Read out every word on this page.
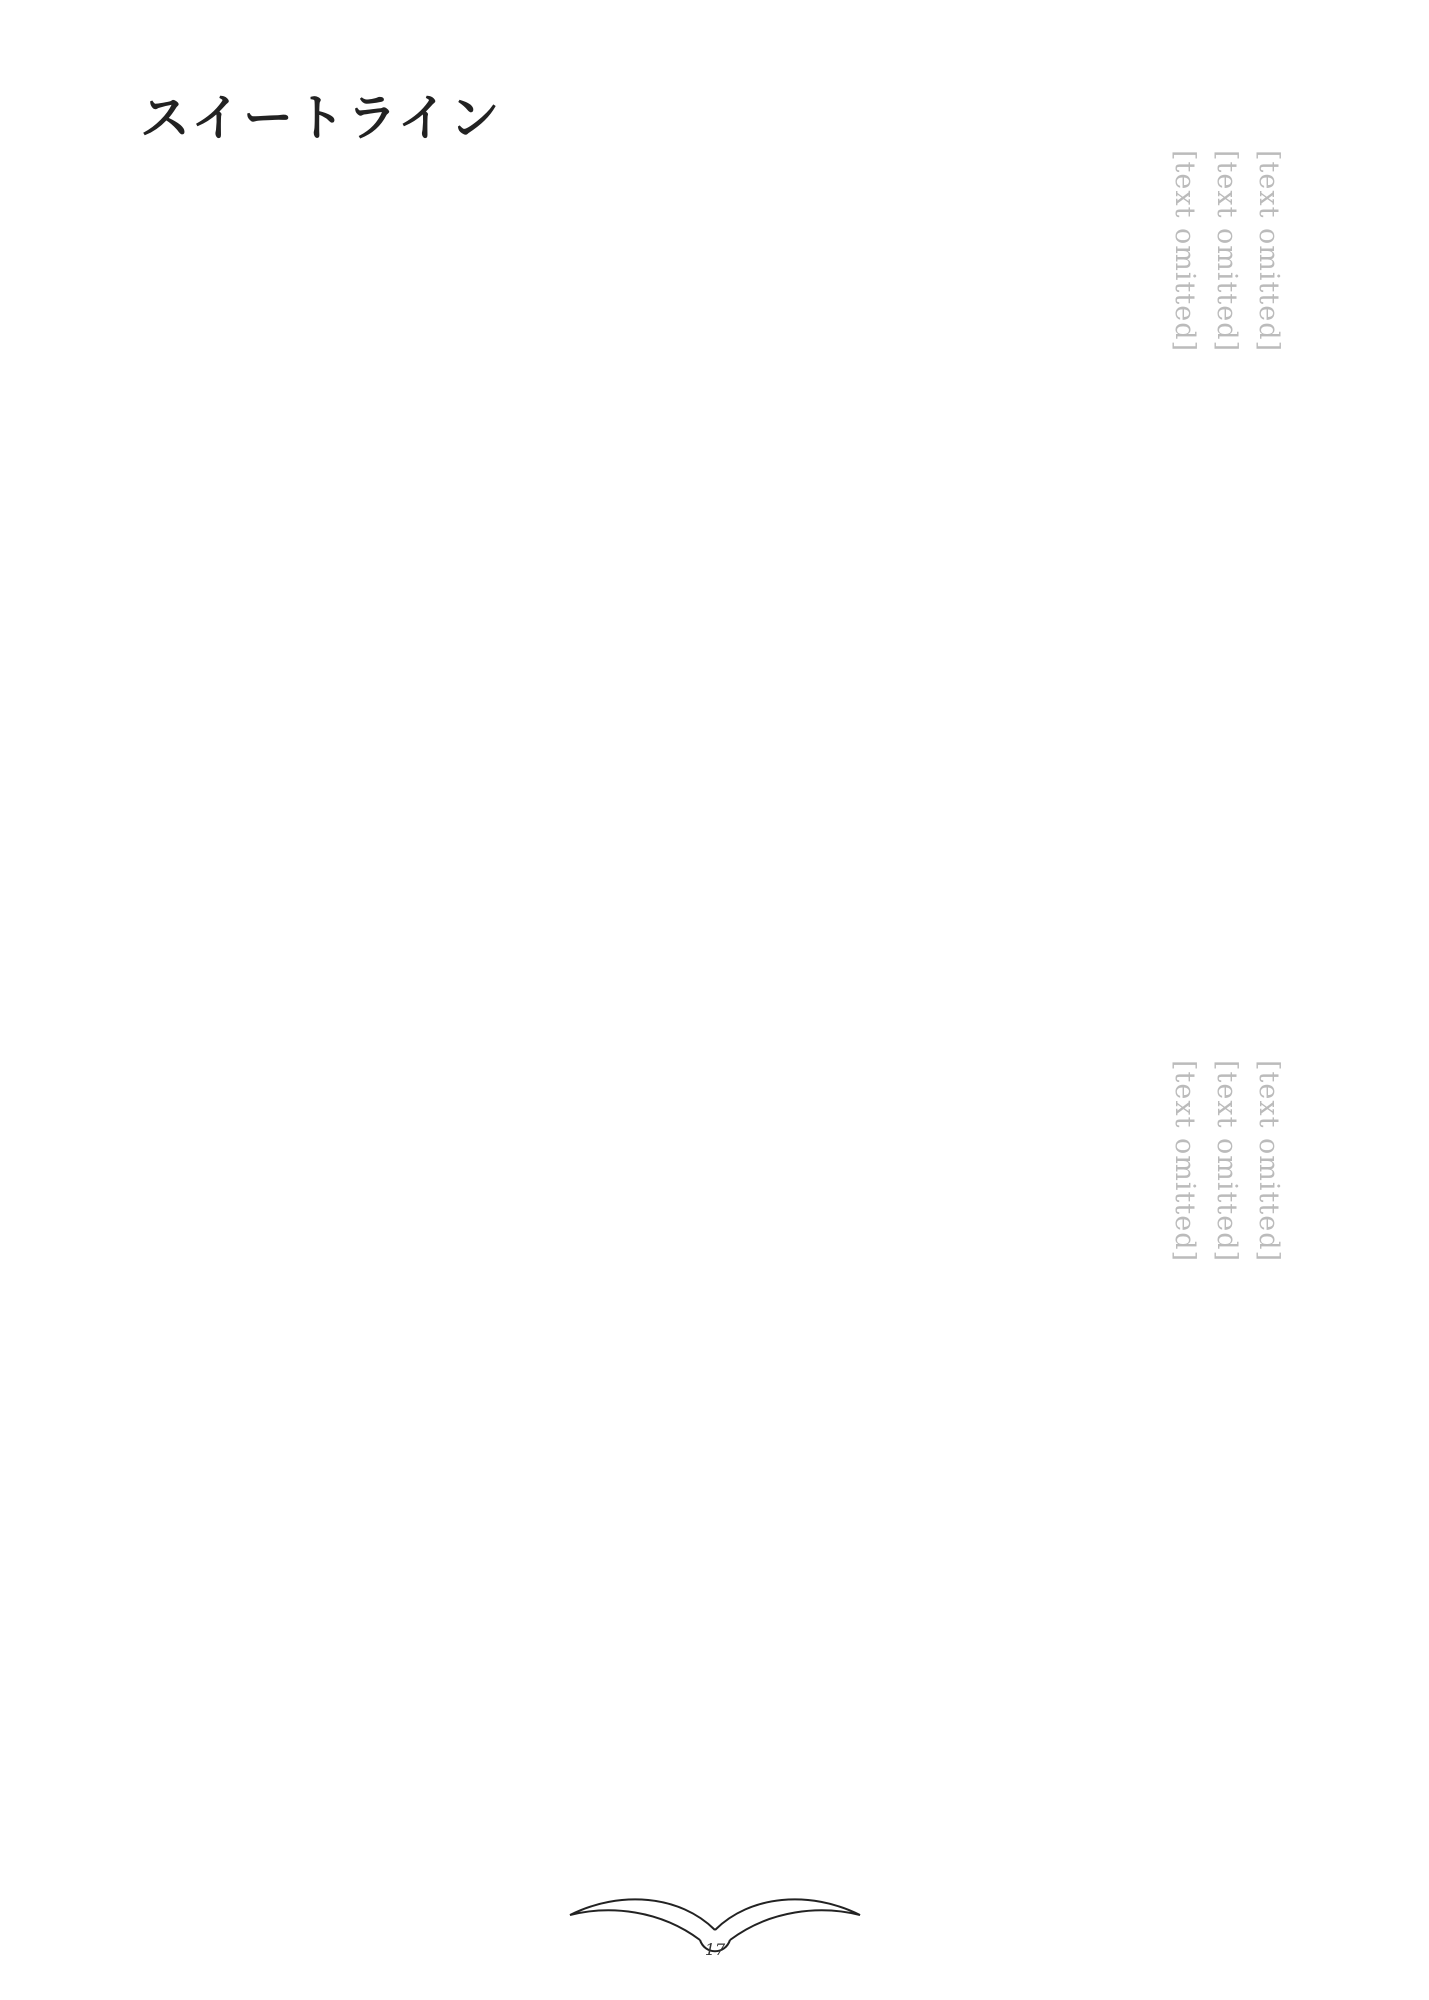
スイートライン
[text omitted]
[text omitted]
[text omitted]
[text omitted]
[text omitted]
[text omitted]
17
